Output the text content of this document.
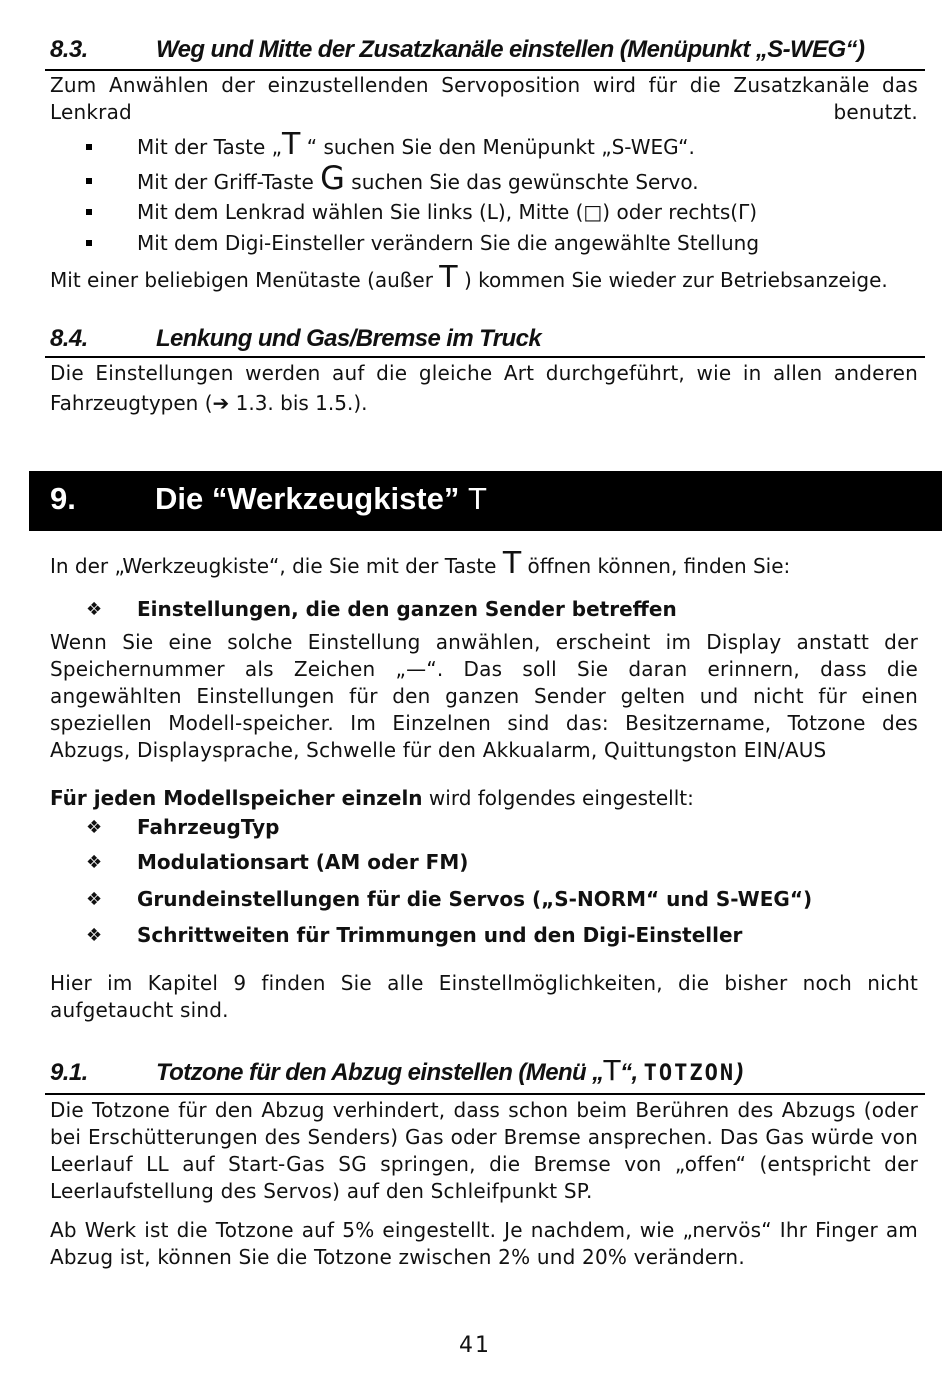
8.3.	Weg und Mitte der Zusatzkanäle einstellen (Menüpunkt „S-WEG“)
Zum Anwählen der einzustellenden Servoposition wird für die Zusatzkanäle das Lenkrad benutzt.
Mit der Taste „T “ suchen Sie den Menüpunkt „S-WEG“.
Mit der Griff-Taste G suchen Sie das gewünschte Servo.
Mit dem Lenkrad wählen Sie links (L), Mitte (□) oder rechts(Γ)
Mit dem Digi-Einsteller verändern Sie die angewählte Stellung
Mit einer beliebigen Menütaste (außer T ) kommen Sie wieder zur Betriebsanzeige.
8.4.	Lenkung und Gas/Bremse im Truck
Die Einstellungen werden auf die gleiche Art durchgeführt, wie in allen anderen
Fahrzeugtypen (➔ 1.3. bis 1.5.).
9.	Die “Werkzeugkiste” T
In der „Werkzeugkiste“, die Sie mit der Taste T öffnen können, finden Sie:
❖ Einstellungen, die den ganzen Sender betreffen
Wenn Sie eine solche Einstellung anwählen, erscheint im Display anstatt der Speichernummer als Zeichen „—“. Das soll Sie daran erinnern, dass die angewählten Einstellungen für den ganzen Sender gelten und nicht für einen speziellen Modell-speicher. Im Einzelnen sind das: Besitzername, Totzone des Abzugs, Displaysprache, Schwelle für den Akkualarm, Quittungston EIN/AUS
Für jeden Modellspeicher einzeln wird folgendes eingestellt:
❖ FahrzeugTyp
❖ Modulationsart (AM oder FM)
❖ Grundeinstellungen für die Servos („S-NORM“ und S-WEG“)
❖ Schrittweiten für Trimmungen und den Digi-Einsteller
Hier im Kapitel 9 finden Sie alle Einstellmöglichkeiten, die bisher noch nicht aufgetaucht sind.
9.1.	Totzone für den Abzug einstellen (Menü „T“, TOTZON)
Die Totzone für den Abzug verhindert, dass schon beim Berühren des Abzugs (oder bei Erschütterungen des Senders) Gas oder Bremse ansprechen. Das Gas würde von Leerlauf LL auf Start-Gas SG springen, die Bremse von „offen“ (entspricht der Leerlaufstellung des Servos) auf den Schleifpunkt SP.
Ab Werk ist die Totzone auf 5% eingestellt. Je nachdem, wie „nervös“ Ihr Finger am Abzug ist, können Sie die Totzone zwischen 2% und 20% verändern.
41
